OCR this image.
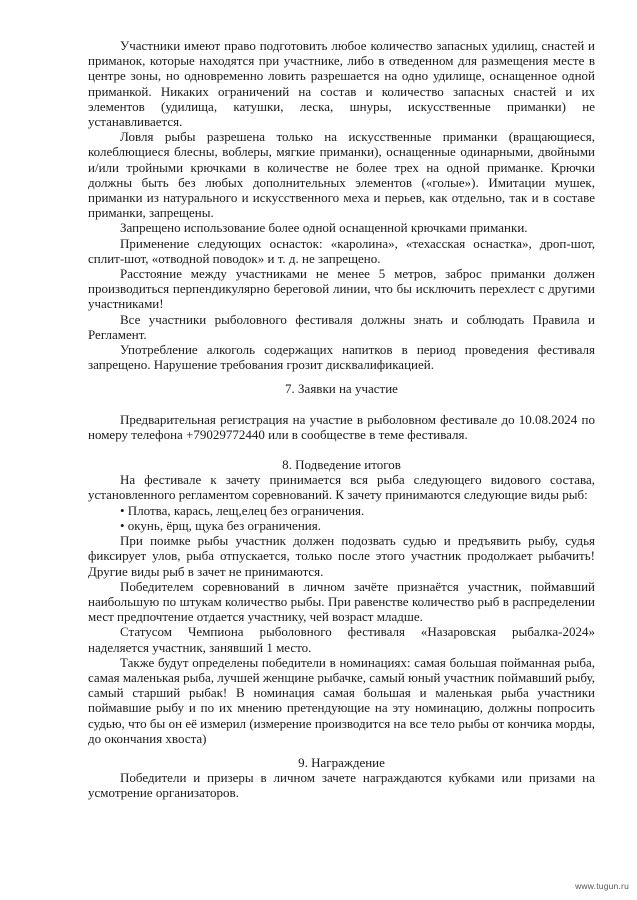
Участники имеют право подготовить любое количество запасных удилищ, снастей и приманок, которые находятся при участнике, либо в отведенном для размещения месте в центре зоны, но одновременно ловить разрешается на одно удилище, оснащенное одной приманкой. Никаких ограничений на состав и количество запасных снастей и их элементов (удилища, катушки, леска, шнуры, искусственные приманки) не устанавливается.

Ловля рыбы разрешена только на искусственные приманки (вращающиеся, колеблющиеся блесны, воблеры, мягкие приманки), оснащенные одинарными, двойными и/или тройными крючками в количестве не более трех на одной приманке. Крючки должны быть без любых дополнительных элементов («голые»). Имитации мушек, приманки из натурального и искусственного меха и перьев, как отдельно, так и в составе приманки, запрещены.

Запрещено использование более одной оснащенной крючками приманки.

Применение следующих оснасток: «каролина», «техасская оснастка», дроп-шот, сплит-шот, «отводной поводок» и т. д. не запрещено.

Расстояние между участниками не менее 5 метров, заброс приманки должен производиться перпендикулярно береговой линии, что бы исключить перехлест с другими участниками!

Все участники рыболовного фестиваля должны знать и соблюдать Правила и Регламент.

Употребление алкоголь содержащих напитков в период проведения фестиваля запрещено. Нарушение требования грозит дисквалификацией.

7. Заявки на участие

Предварительная регистрация на участие в рыболовном фестивале до 10.08.2024 по номеру телефона +79029772440 или в сообществе в теме фестиваля.

8. Подведение итогов

На фестивале к зачету принимается вся рыба следующего видового состава, установленного регламентом соревнований. К зачету принимаются следующие виды рыб:

• Плотва, карась, лещ,елец без ограничения.

• окунь, ёрщ, щука без ограничения.

При поимке рыбы участник должен подозвать судью и предъявить рыбу, судья фиксирует улов, рыба отпускается, только после этого участник продолжает рыбачить! Другие виды рыб в зачет не принимаются.

Победителем соревнований в личном зачёте признаётся участник, поймавший наибольшую по штукам количество рыбы. При равенстве количество рыб в распределении мест предпочтение отдается участнику, чей возраст младше.

Статусом Чемпиона рыболовного фестиваля «Назаровская рыбалка-2024» наделяется участник, занявший 1 место.

Также будут определены победители в номинациях: самая большая пойманная рыба, самая маленькая рыба, лучшей женщине рыбачке, самый юный участник поймавший рыбу, самый старший рыбак! В номинация самая большая и маленькая рыба участники поймавшие рыбу и по их мнению претендующие на эту номинацию, должны попросить судью, что бы он её измерил (измерение производится на все тело рыбы от кончика морды, до окончания хвоста)

9. Награждение

Победители и призеры в личном зачете награждаются кубками или призами на усмотрение организаторов.

www.tugun.ru
